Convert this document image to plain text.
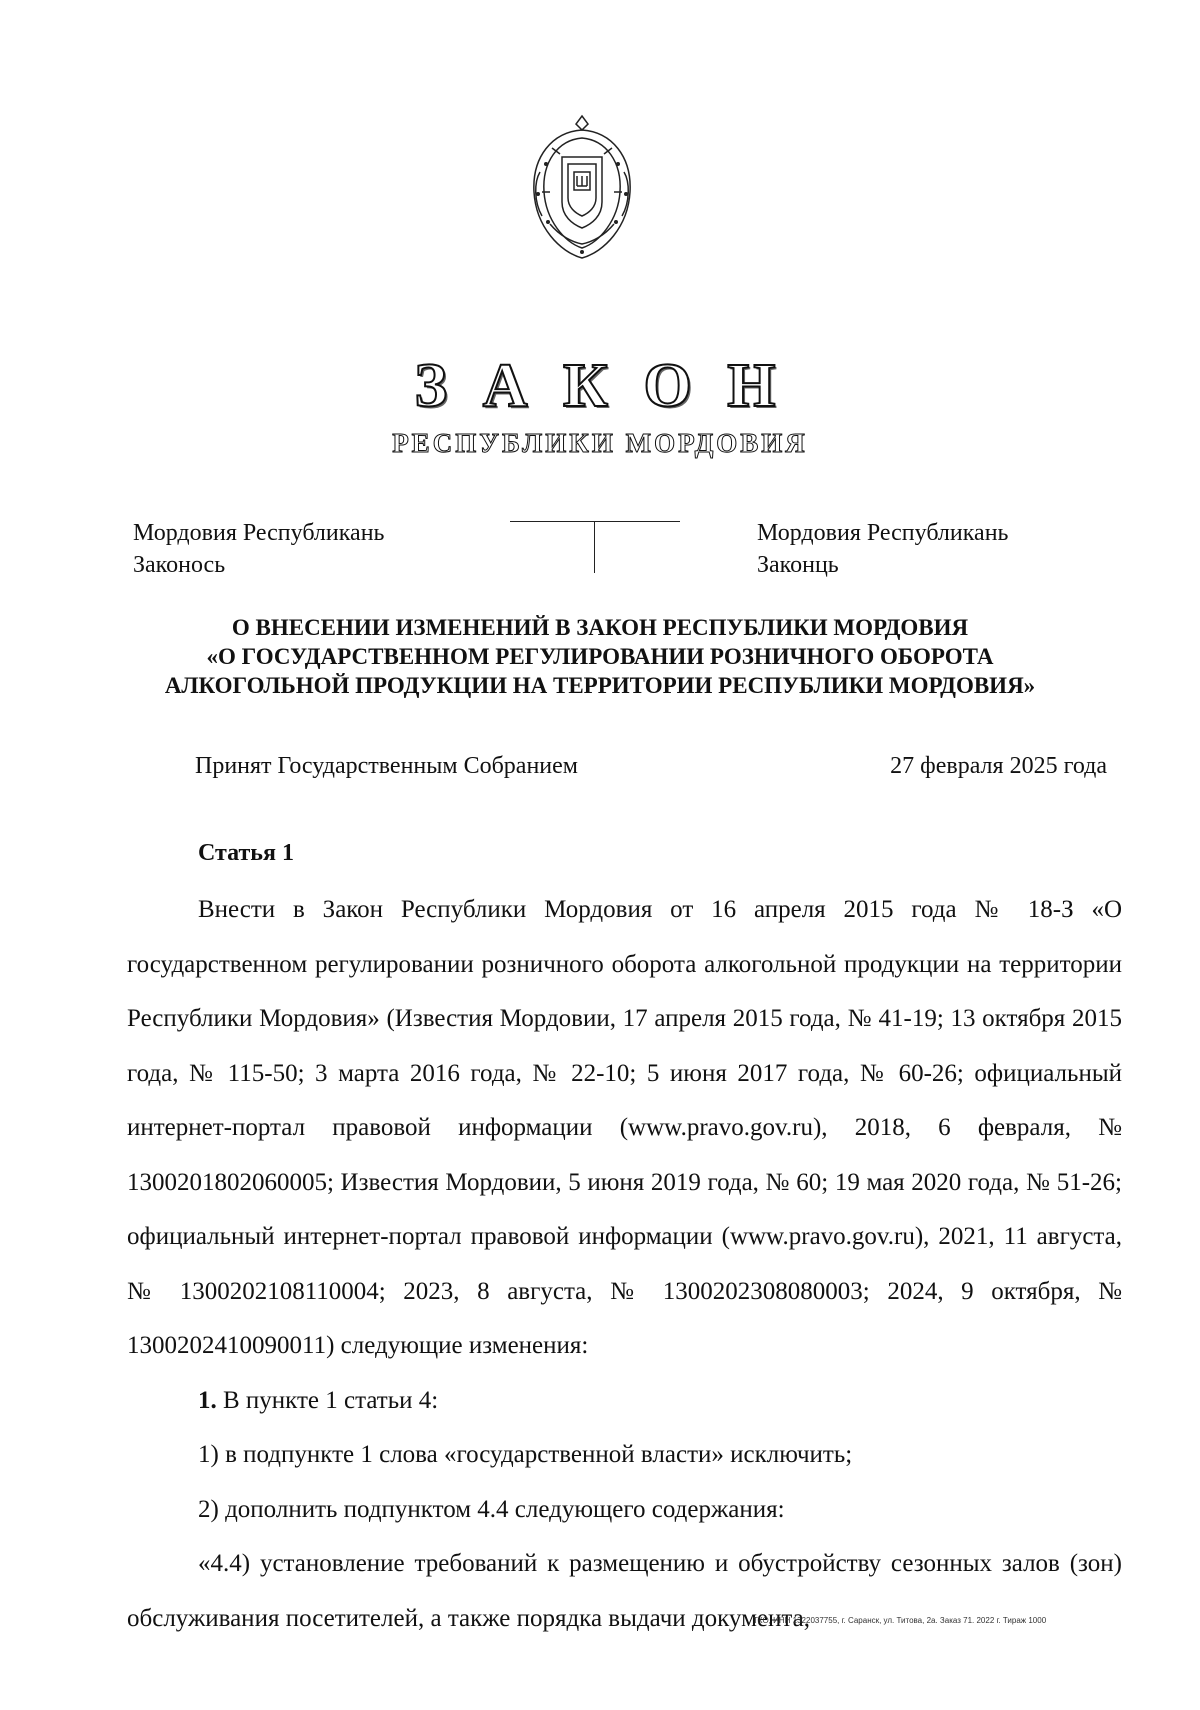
З А К О Н
РЕСПУБЛИКИ МОРДОВИЯ
Мордовия Республикань
Законось
Мордовия Республикань
Законць
О ВНЕСЕНИИ ИЗМЕНЕНИЙ В ЗАКОН РЕСПУБЛИКИ МОРДОВИЯ
«О ГОСУДАРСТВЕННОМ РЕГУЛИРОВАНИИ РОЗНИЧНОГО ОБОРОТА
АЛКОГОЛЬНОЙ ПРОДУКЦИИ НА ТЕРРИТОРИИ РЕСПУБЛИКИ МОРДОВИЯ»
Принят Государственным Собранием	27 февраля 2025 года
Статья 1

Внести в Закон Республики Мордовия от 16 апреля 2015 года № 18-З «О государственном регулировании розничного оборота алкогольной продукции на территории Республики Мордовия» (Известия Мордовии, 17 апреля 2015 года, № 41-19; 13 октября 2015 года, № 115-50; 3 марта 2016 года, № 22-10; 5 июня 2017 года, № 60-26; официальный интернет-портал правовой информации (www.pravo.gov.ru), 2018, 6 февраля, № 1300201802060005; Известия Мордовии, 5 июня 2019 года, № 60; 19 мая 2020 года, № 51-26; официальный интернет-портал правовой информации (www.pravo.gov.ru), 2021, 11 августа, № 1300202108110004; 2023, 8 августа, № 1300202308080003; 2024, 9 октября, № 1300202410090011) следующие изменения:

1. В пункте 1 статьи 4:

1) в подпункте 1 слова «государственной власти» исключить;

2) дополнить подпунктом 4.4 следующего содержания:

«4.4) установление требований к размещению и обустройству сезонных залов (зон) обслуживания посетителей, а также порядка выдачи документа,

ТКО, ИНН 1322037755, г. Саранск, ул. Титова, 2а. Заказ 71. 2022 г. Тираж 1000
